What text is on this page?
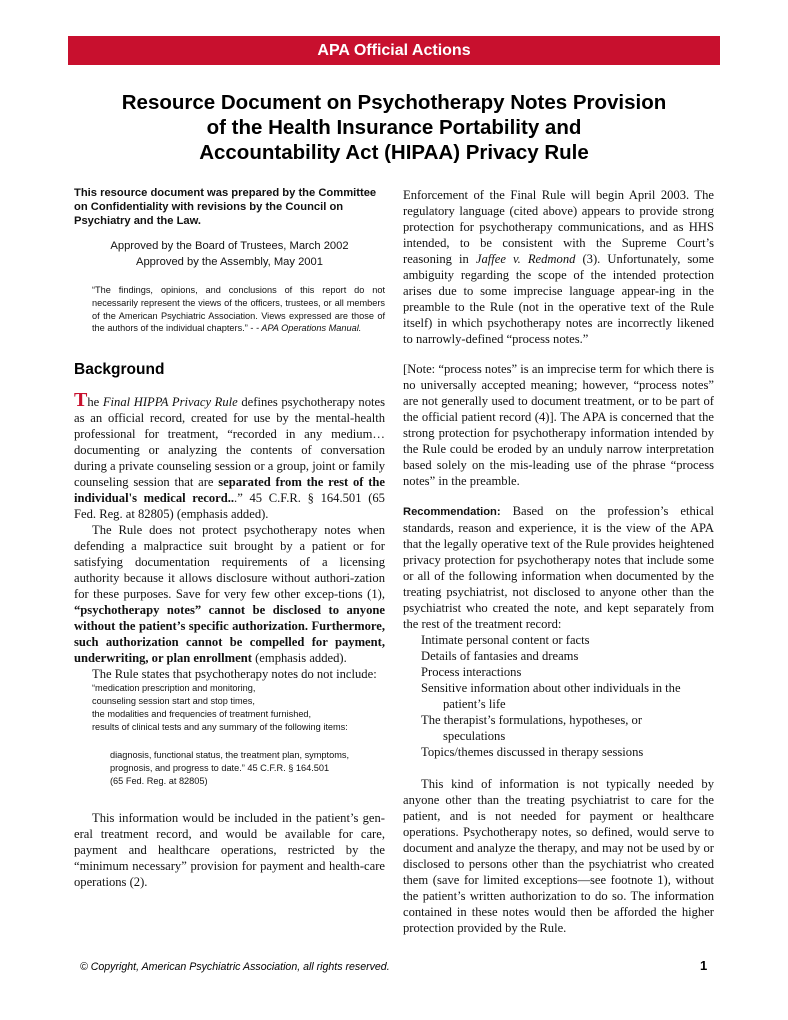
APA Official Actions
Resource Document on Psychotherapy Notes Provision
of the Health Insurance Portability and
Accountability Act (HIPAA) Privacy Rule

This resource document was prepared by the Committee on Confidentiality with revisions by the Council on Psychiatry and the Law.

Approved by the Board of Trustees, March 2002
Approved by the Assembly, May 2001

“The findings, opinions, and conclusions of this report do not necessarily represent the views of the officers, trustees, or all members of the American Psychiatric Association. Views expressed are those of the authors of the individual chapters.” - - APA Operations Manual.

Background

The Final HIPPA Privacy Rule defines psychotherapy notes as an official record, created for use by the mental-health professional for treatment, “recorded in any medium…documenting or analyzing the contents of conversation during a private counseling session or a group, joint or family counseling session that are separated from the rest of the individual's medical record...” 45 C.F.R. § 164.501 (65 Fed. Reg. at 82805) (emphasis added).

The Rule does not protect psychotherapy notes when defending a malpractice suit brought by a patient or for satisfying documentation requirements of a licensing authority because it allows disclosure without authori-zation for these purposes. Save for very few other excep-tions (1), “psychotherapy notes” cannot be disclosed to anyone without the patient’s specific authorization. Furthermore, such authorization cannot be compelled for payment, underwriting, or plan enrollment (emphasis added).

The Rule states that psychotherapy notes do not include:

“medication prescription and monitoring,
counseling session start and stop times,
the modalities and frequencies of treatment furnished,
results of clinical tests and any summary of the following items:
diagnosis, functional status, the treatment plan, symptoms,
prognosis, and progress to date.” 45 C.F.R. § 164.501
(65 Fed. Reg. at 82805)

This information would be included in the patient’s gen-eral treatment record, and would be available for care, payment and healthcare operations, restricted by the “minimum necessary” provision for payment and health-care operations (2).

Enforcement of the Final Rule will begin April 2003. The regulatory language (cited above) appears to provide strong protection for psychotherapy communications, and as HHS intended, to be consistent with the Supreme Court’s reasoning in Jaffee v. Redmond (3). Unfortunately, some ambiguity regarding the scope of the intended protection arises due to some imprecise language appear-ing in the preamble to the Rule (not in the operative text of the Rule itself) in which psychotherapy notes are incorrectly likened to narrowly-defined “process notes.”

[Note: “process notes” is an imprecise term for which there is no universally accepted meaning; however, “process notes” are not generally used to document treatment, or to be part of the official patient record (4)]. The APA is concerned that the strong protection for psychotherapy information intended by the Rule could be eroded by an unduly narrow interpretation based solely on the mis-leading use of the phrase “process notes” in the preamble.

Recommendation: Based on the profession’s ethical standards, reason and experience, it is the view of the APA that the legally operative text of the Rule provides heightened privacy protection for psychotherapy notes that include some or all of the following information when documented by the treating psychiatrist, not disclosed to anyone other than the psychiatrist who created the note, and kept separately from the rest of the treatment record:

Intimate personal content or facts
Details of fantasies and dreams
Process interactions
Sensitive information about other individuals in the
patient’s life
The therapist’s formulations, hypotheses, or
speculations
Topics/themes discussed in therapy sessions

This kind of information is not typically needed by anyone other than the treating psychiatrist to care for the patient, and is not needed for payment or healthcare operations. Psychotherapy notes, so defined, would serve to document and analyze the therapy, and may not be used by or disclosed to persons other than the psychiatrist who created them (save for limited exceptions—see footnote 1), without the patient’s written authorization to do so. The information contained in these notes would then be afforded the higher protection provided by the Rule.

© Copyright, American Psychiatric Association, all rights reserved.	1
